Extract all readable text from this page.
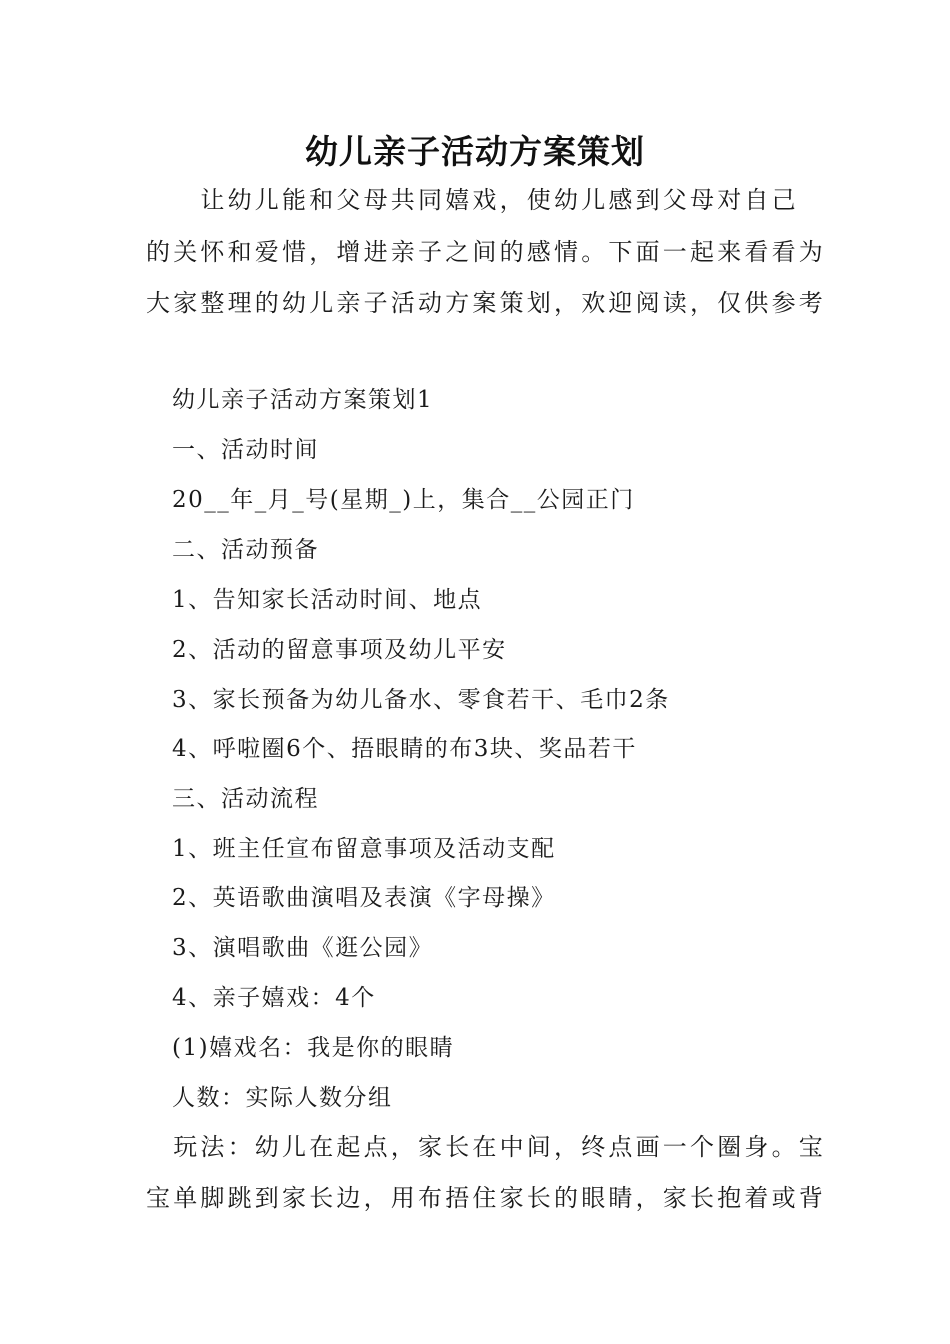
幼儿亲子活动方案策划
　　让幼儿能和父母共同嬉戏，使幼儿感到父母对自己
的关怀和爱惜，增进亲子之间的感情。下面一起来看看为
大家整理的幼儿亲子活动方案策划，欢迎阅读，仅供参考
幼儿亲子活动方案策划1
一、活动时间
20__年_月_号(星期_)上，集合__公园正门
二、活动预备
1、告知家长活动时间、地点
2、活动的留意事项及幼儿平安
3、家长预备为幼儿备水、零食若干、毛巾2条
4、呼啦圈6个、捂眼睛的布3块、奖品若干
三、活动流程
1、班主任宣布留意事项及活动支配
2、英语歌曲演唱及表演《字母操》
3、演唱歌曲《逛公园》
4、亲子嬉戏：4个
(1)嬉戏名：我是你的眼睛
人数：实际人数分组
　玩法：幼儿在起点，家长在中间，终点画一个圈身。宝
宝单脚跳到家长边，用布捂住家长的眼睛，家长抱着或背
